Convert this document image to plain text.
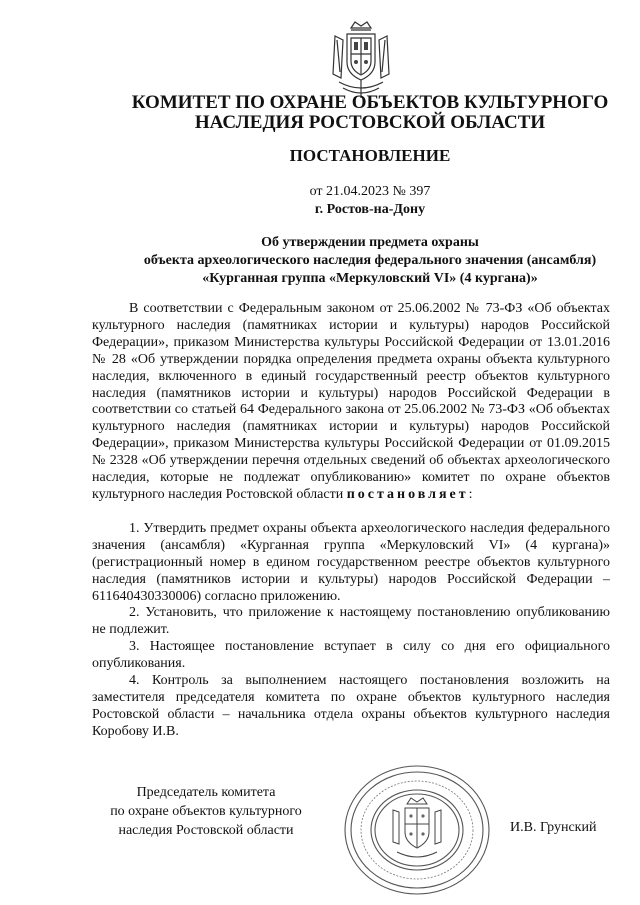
КОМИТЕТ ПО ОХРАНЕ ОБЪЕКТОВ КУЛЬТУРНОГО
НАСЛЕДИЯ РОСТОВСКОЙ ОБЛАСТИ
ПОСТАНОВЛЕНИЕ
от 21.04.2023 № 397
г. Ростов-на-Дону
Об утверждении предмета охраны
объекта археологического наследия федерального значения (ансамбля)
«Курганная группа «Меркуловский VI» (4 кургана)»

В соответствии с Федеральным законом от 25.06.2002 № 73-ФЗ «Об объектах культурного наследия (памятниках истории и культуры) народов Российской Федерации», приказом Министерства культуры Российской Федерации от 13.01.2016 № 28 «Об утверждении порядка определения предмета охраны объекта культурного наследия, включенного в единый государственный реестр объектов культурного наследия (памятников истории и культуры) народов Российской Федерации в соответствии со статьей 64 Федерального закона от 25.06.2002 № 73-ФЗ «Об объектах культурного наследия (памятниках истории и культуры) народов Российской Федерации», приказом Министерства культуры Российской Федерации от 01.09.2015 № 2328 «Об утверждении перечня отдельных сведений об объектах археологического наследия, которые не подлежат опубликованию» комитет по охране объектов культурного наследия Ростовской области постановляет:

1. Утвердить предмет охраны объекта археологического наследия федерального значения (ансамбля) «Курганная группа «Меркуловский VI» (4 кургана)» (регистрационный номер в едином государственном реестре объектов культурного наследия (памятников истории и культуры) народов Российской Федерации – 611640430330006) согласно приложению.

2. Установить, что приложение к настоящему постановлению опубликованию не подлежит.

3. Настоящее постановление вступает в силу со дня его официального опубликования.

4. Контроль за выполнением настоящего постановления возложить на заместителя председателя комитета по охране объектов культурного наследия Ростовской области – начальника отдела охраны объектов культурного наследия Коробову И.В.

Председатель комитета
по охране объектов культурного
наследия Ростовской области	И.В. Грунский
